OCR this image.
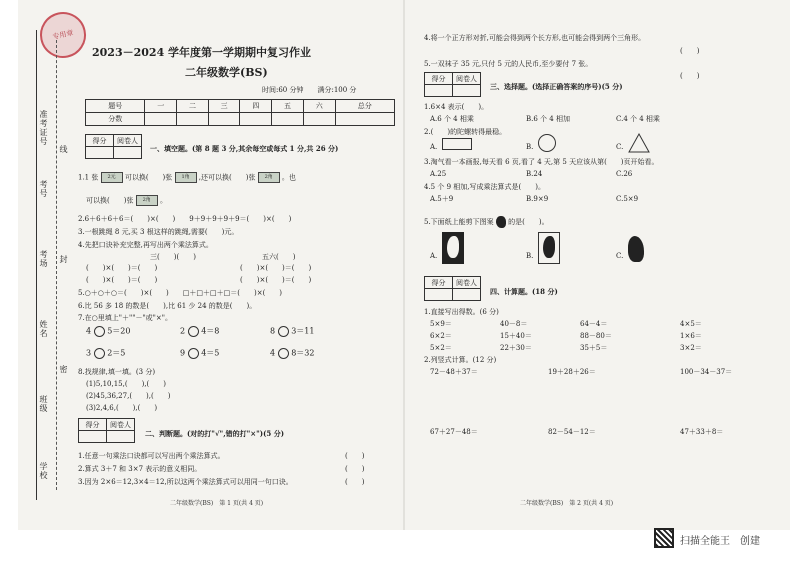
专用章
准考证号
考号
考场
姓名
班级
学校
线
封
密
2023－2024 学年度第一学期期中复习作业
二年级数学(BS)
时间:60 分钟　　满分:100 分
题号	一	二	三	四	五	六	总分
分数							
得分	阅卷人

一、填空题。(第 8 题 3 分,其余每空或每式 1 分,共 26 分)
1.1 张 2元 可以换(　　)张 1角 ,还可以换(　　)张 2角 。也
可以换(　　)张 2角 。
2.6＋6＋6＋6＝(　　)×(　　)　　9＋9＋9＋9＋9＝(　　)×(　　)
3.一根跳绳 8 元,买 3 根这样的跳绳,需要(　　)元。
4.先把口诀补充完整,再写出两个乘法算式。
三(　　)(　　)	五六(　　)
(　　)×(　　)＝(　　)	(　　)×(　　)＝(　　)
(　　)×(　　)＝(　　)	(　　)×(　　)＝(　　)
5.○＋○＋○＝(　　)×(　　)　　□＋□＋□＋□＝(　　)×(　　)
6.比 56 多 18 的数是(　　),比 61 少 24 的数是(　　)。
7.在○里填上"＋""－"或"×"。
4 5＝20	2 4＝8	8 3＝11
3 2＝5	9 4＝5	4 8＝32
8.找规律,填一填。(3 分)
(1)5,10,15,(　　),(　　)
(2)45,36,27,(　　),(　　)
(3)2,4,6,(　　),(　　)
得分	阅卷人

二、判断题。(对的打"√",错的打"×")(5 分)
1.任意一句乘法口诀都可以写出两个乘法算式。	(　　)
2.算式 3＋7 和 3×7 表示的意义相同。	(　　)
3.因为 2×6＝12,3×4＝12,所以这两个乘法算式可以用同一句口诀。	(　　)
二年级数学(BS)　第 1 页(共 4 页)
4.将一个正方形对折,可能会得到两个长方形,也可能会得到两个三角形。
(　　)
5.一双袜子 35 元,只付 5 元的人民币,至少要付 7 张。
(　　)
得分	阅卷人

三、选择题。(选择正确答案的序号)(5 分)
1.6×4 表示(　　)。
A.6 个 4 相乘	B.6 个 4 相加	C.4 个 4 相乘
2.(　　)的陀螺转得最稳。
A.	B.	C.
3.淘气看一本画报,每天看 6 页,看了 4 天,第 5 天应该从第(　　)页开始看。
A.25	B.24	C.26
4.5 个 9 相加,写成乘法算式是(　　)。
A.5＋9	B.9×9	C.5×9
5.下面纸上能剪下图案 的是(　　)。
A.	B.	C.
得分	阅卷人

四、计算题。(18 分)
1.直接写出得数。(6 分)
5×9＝	40－8＝	64－4＝	4×5＝
6×2＝	15＋40＝	88－80＝	1×6＝
5×2＝	22＋30＝	35＋5＝	3×2＝
2.列竖式计算。(12 分)
72－48＋37＝	19＋28＋26＝	100－34－37＝
67＋27－48＝	82－54－12＝	47＋33＋8＝
二年级数学(BS)　第 2 页(共 4 页)
扫描全能王　创建
